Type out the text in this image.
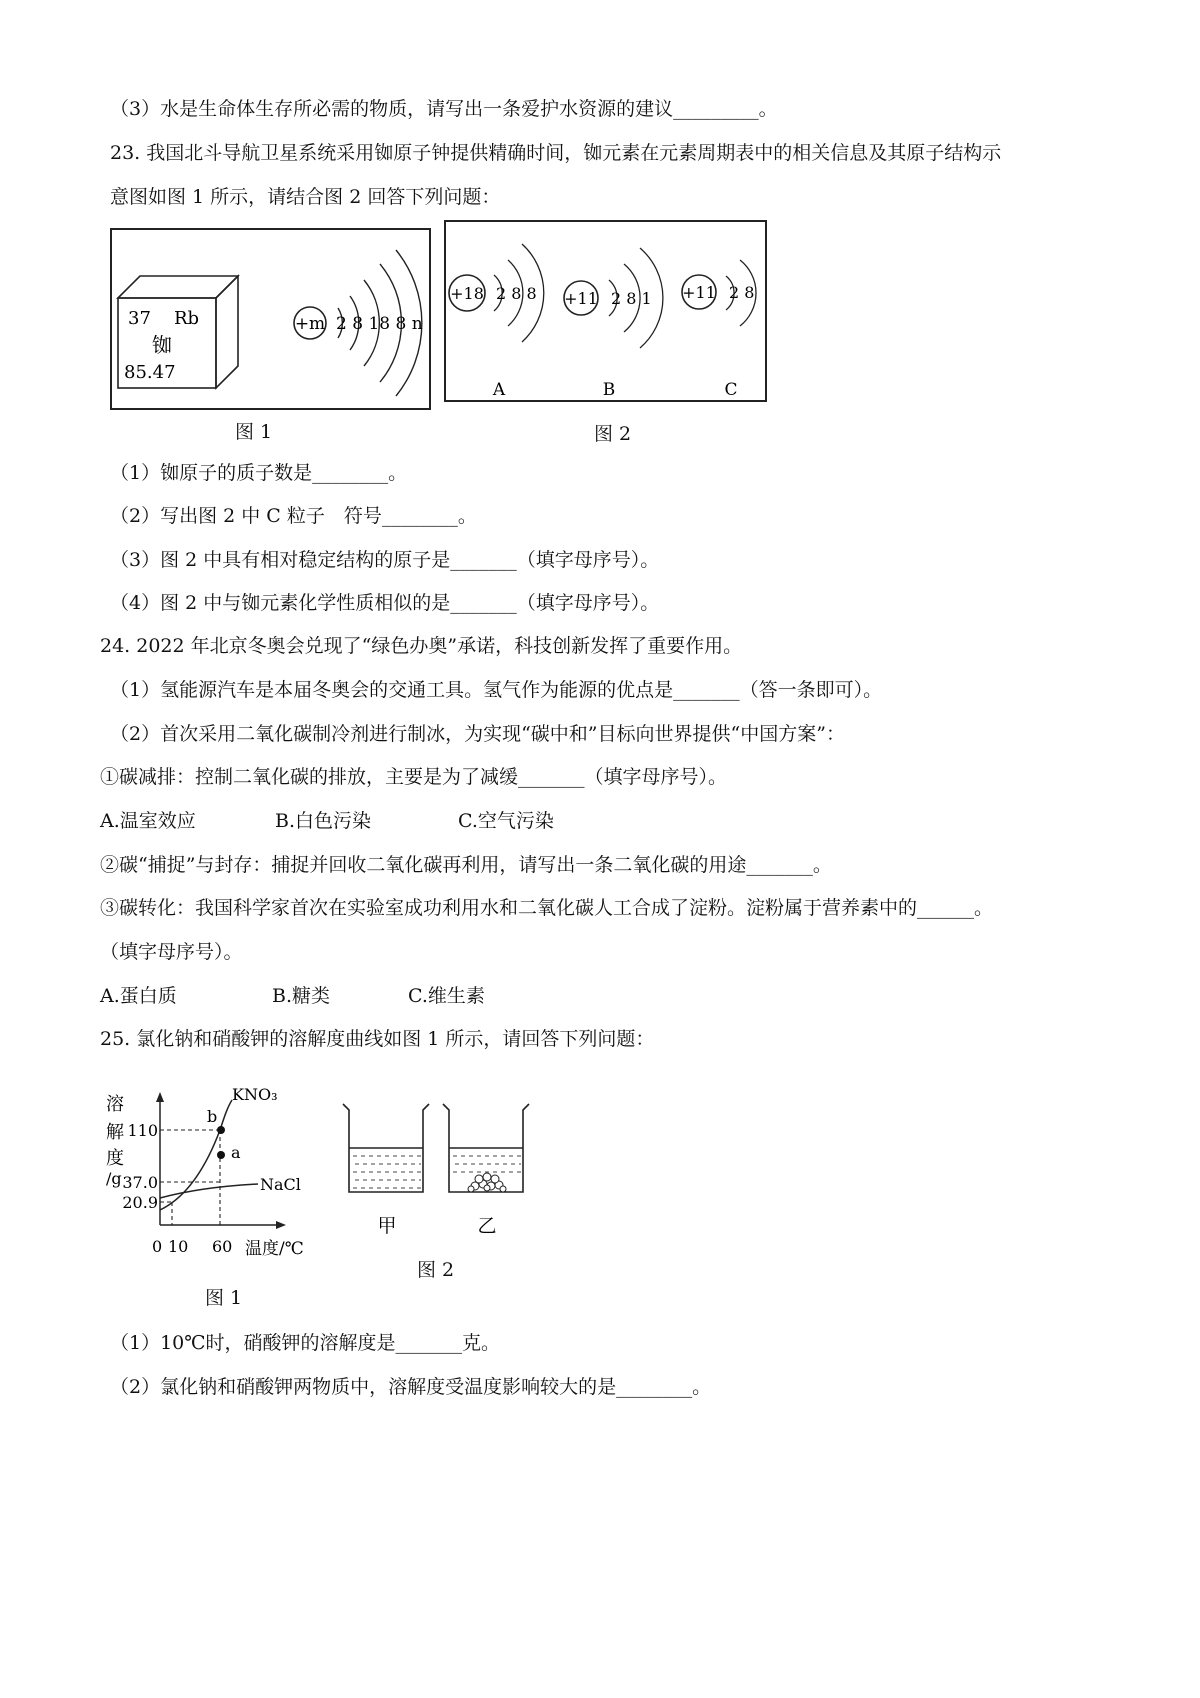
（3）水是生命体生存所必需的物质，请写出一条爱护水资源的建议_________。
23. 我国北斗导航卫星系统采用铷原子钟提供精确时间，铷元素在元素周期表中的相关信息及其原子结构示
意图如图 1 所示，请结合图 2 回答下列问题：
37 Rb
铷
85.47
+m 2 8 18 8 n
图 1
+18 2 8 8
A
+11 2 8 1
B
+11 2 8
C
图 2
（1）铷原子的质子数是________。
（2）写出图 2 中 C 粒子　符号________。
（3）图 2 中具有相对稳定结构的原子是_______（填字母序号）。
（4）图 2 中与铷元素化学性质相似的是_______（填字母序号）。
24. 2022 年北京冬奥会兑现了“绿色办奥”承诺，科技创新发挥了重要作用。
（1）氢能源汽车是本届冬奥会的交通工具。氢气作为能源的优点是_______（答一条即可）。
（2）首次采用二氧化碳制冷剂进行制冰，为实现“碳中和”目标向世界提供“中国方案”：
①碳减排：控制二氧化碳的排放，主要是为了减缓_______（填字母序号）。
A.温室效应	B.白色污染	C.空气污染
②碳“捕捉”与封存：捕捉并回收二氧化碳再利用，请写出一条二氧化碳的用途_______。
③碳转化：我国科学家首次在实验室成功利用水和二氧化碳人工合成了淀粉。淀粉属于营养素中的______。
（填字母序号）。
A.蛋白质	B.糖类	C.维生素
25. 氯化钠和硝酸钾的溶解度曲线如图 1 所示，请回答下列问题：
溶
解
度
/g
110
37.0
20.9
KNO₃
NaCl
b
a
0 10 60 温度/℃
图 1
甲	乙
图 2
（1）10℃时，硝酸钾的溶解度是_______克。
（2）氯化钠和硝酸钾两物质中，溶解度受温度影响较大的是________。
